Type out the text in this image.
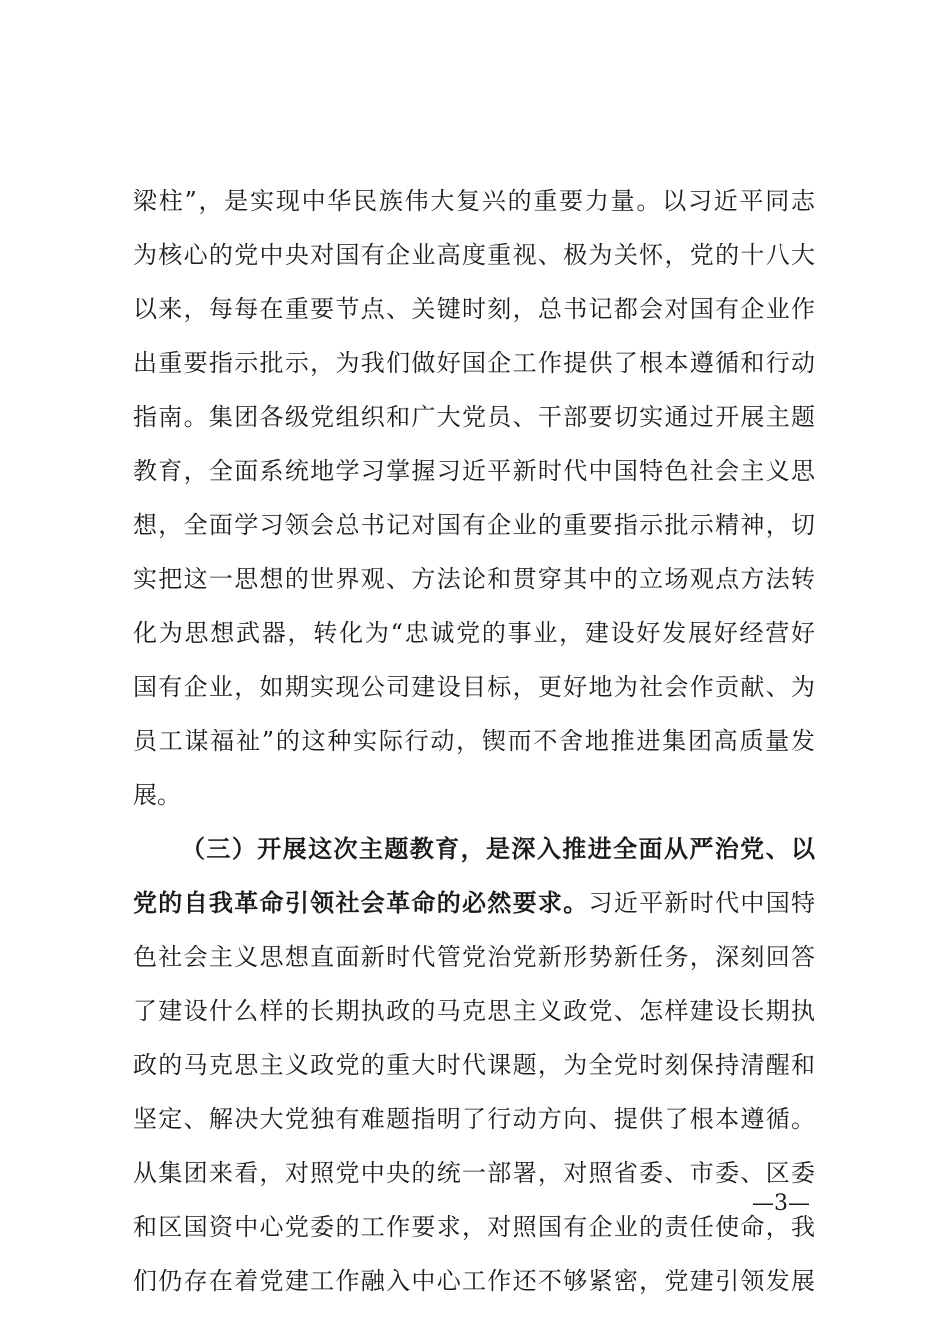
梁柱”，是实现中华民族伟大复兴的重要力量。以习近平同志
为核心的党中央对国有企业高度重视、极为关怀，党的十八大
以来，每每在重要节点、关键时刻，总书记都会对国有企业作
出重要指示批示，为我们做好国企工作提供了根本遵循和行动
指南。集团各级党组织和广大党员、干部要切实通过开展主题
教育，全面系统地学习掌握习近平新时代中国特色社会主义思
想，全面学习领会总书记对国有企业的重要指示批示精神，切
实把这一思想的世界观、方法论和贯穿其中的立场观点方法转
化为思想武器，转化为“忠诚党的事业，建设好发展好经营好
国有企业，如期实现公司建设目标，更好地为社会作贡献、为
员工谋福祉”的这种实际行动，锲而不舍地推进集团高质量发
展。
（三）开展这次主题教育，是深入推进全面从严治党、以
党的自我革命引领社会革命的必然要求。习近平新时代中国特
色社会主义思想直面新时代管党治党新形势新任务，深刻回答
了建设什么样的长期执政的马克思主义政党、怎样建设长期执
政的马克思主义政党的重大时代课题，为全党时刻保持清醒和
坚定、解决大党独有难题指明了行动方向、提供了根本遵循。
从集团来看，对照党中央的统一部署，对照省委、市委、区委
和区国资中心党委的工作要求，对照国有企业的责任使命，我
们仍存在着党建工作融入中心工作还不够紧密，党建引领发展
—3—
